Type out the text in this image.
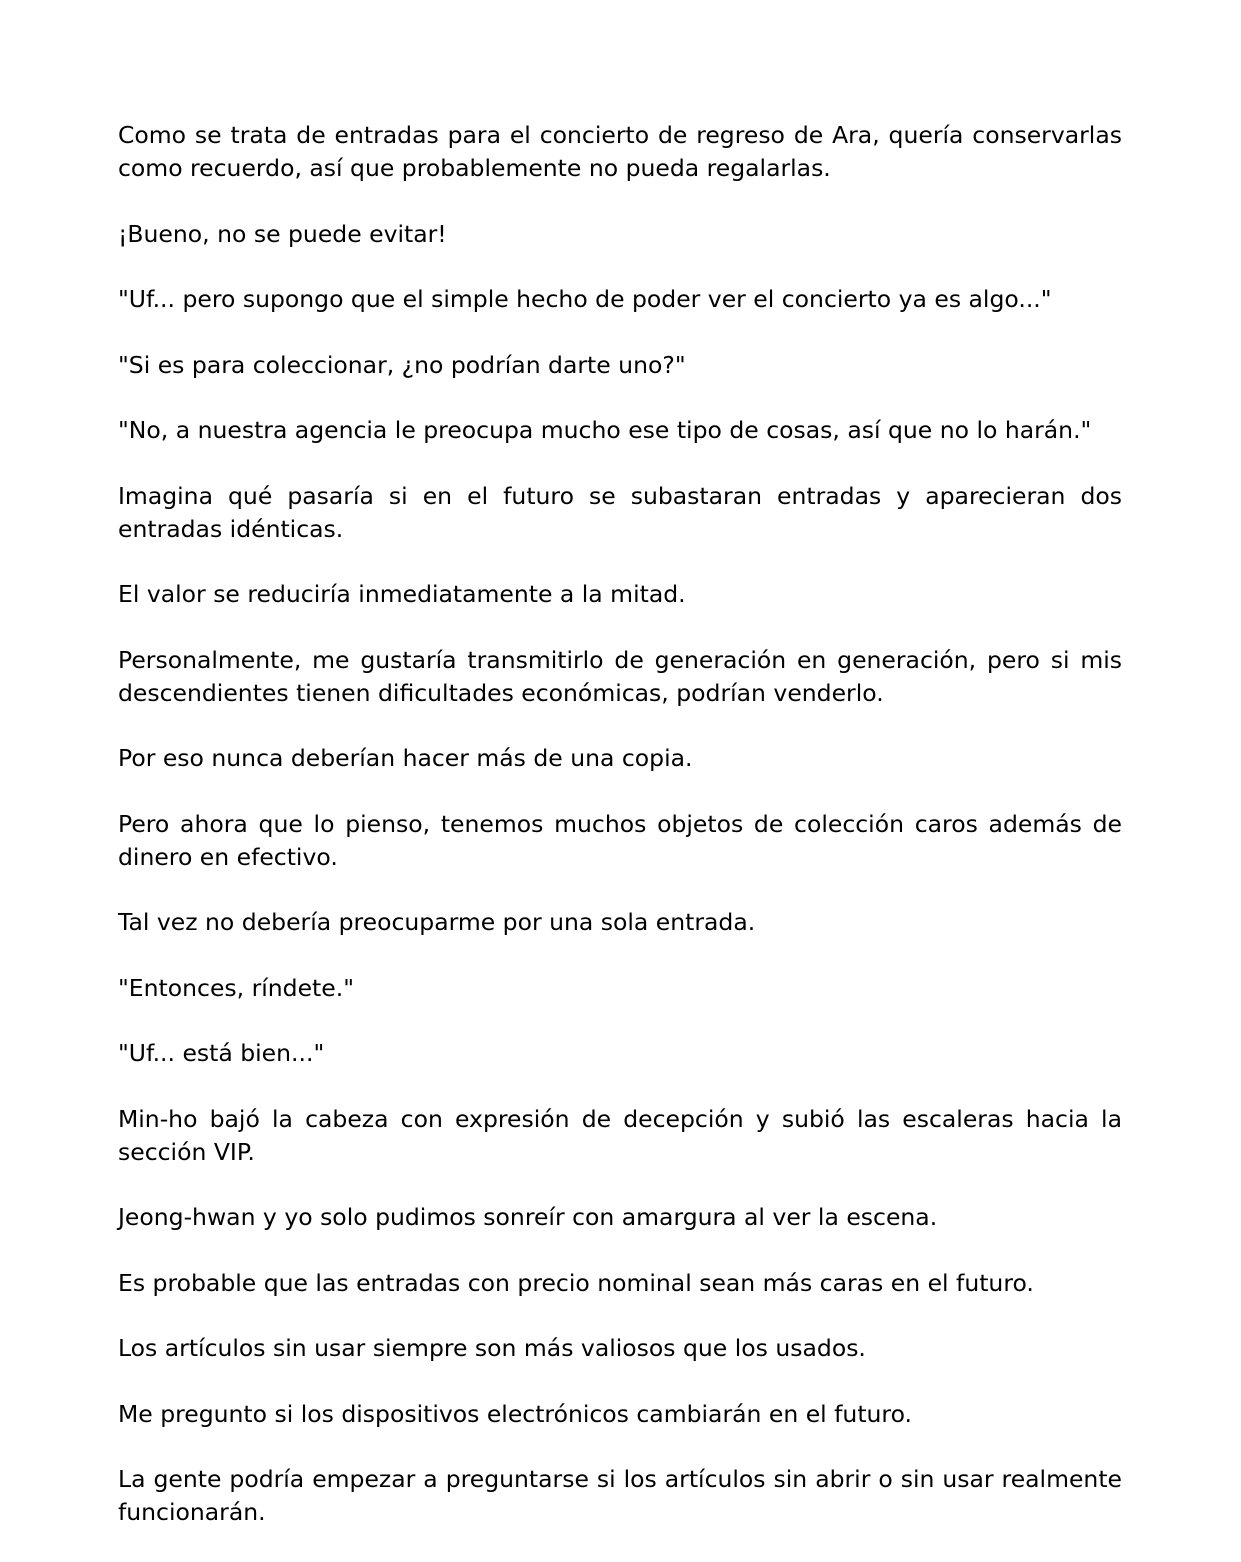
Como se trata de entradas para el concierto de regreso de Ara, quería conservarlas como recuerdo, así que probablemente no pueda regalarlas.

¡Bueno, no se puede evitar!

"Uf... pero supongo que el simple hecho de poder ver el concierto ya es algo..."

"Si es para coleccionar, ¿no podrían darte uno?"

"No, a nuestra agencia le preocupa mucho ese tipo de cosas, así que no lo harán."

Imagina qué pasaría si en el futuro se subastaran entradas y aparecieran dos entradas idénticas.

El valor se reduciría inmediatamente a la mitad.

Personalmente, me gustaría transmitirlo de generación en generación, pero si mis descendientes tienen dificultades económicas, podrían venderlo.

Por eso nunca deberían hacer más de una copia.

Pero ahora que lo pienso, tenemos muchos objetos de colección caros además de dinero en efectivo.

Tal vez no debería preocuparme por una sola entrada.

"Entonces, ríndete."

"Uf... está bien..."

Min-ho bajó la cabeza con expresión de decepción y subió las escaleras hacia la sección VIP.

Jeong-hwan y yo solo pudimos sonreír con amargura al ver la escena.

Es probable que las entradas con precio nominal sean más caras en el futuro.

Los artículos sin usar siempre son más valiosos que los usados.

Me pregunto si los dispositivos electrónicos cambiarán en el futuro.

La gente podría empezar a preguntarse si los artículos sin abrir o sin usar realmente funcionarán.
